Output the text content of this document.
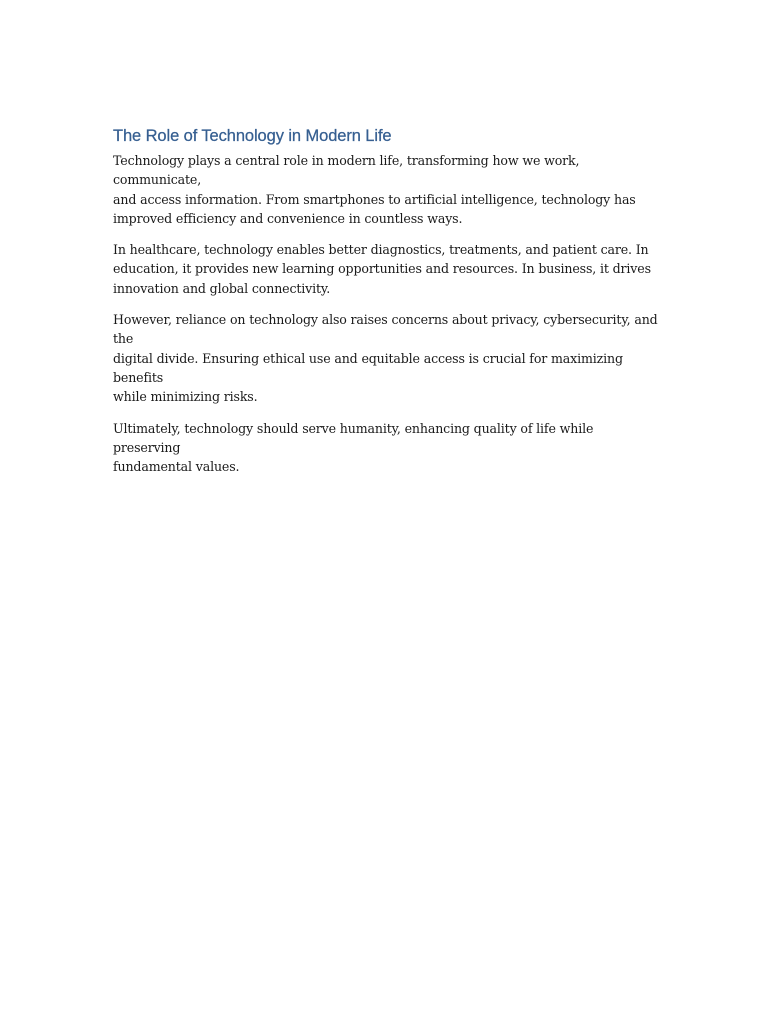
The Role of Technology in Modern Life

Technology plays a central role in modern life, transforming how we work, communicate,
and access information. From smartphones to artificial intelligence, technology has
improved efficiency and convenience in countless ways.

In healthcare, technology enables better diagnostics, treatments, and patient care. In
education, it provides new learning opportunities and resources. In business, it drives
innovation and global connectivity.

However, reliance on technology also raises concerns about privacy, cybersecurity, and the
digital divide. Ensuring ethical use and equitable access is crucial for maximizing benefits
while minimizing risks.

Ultimately, technology should serve humanity, enhancing quality of life while preserving
fundamental values.
